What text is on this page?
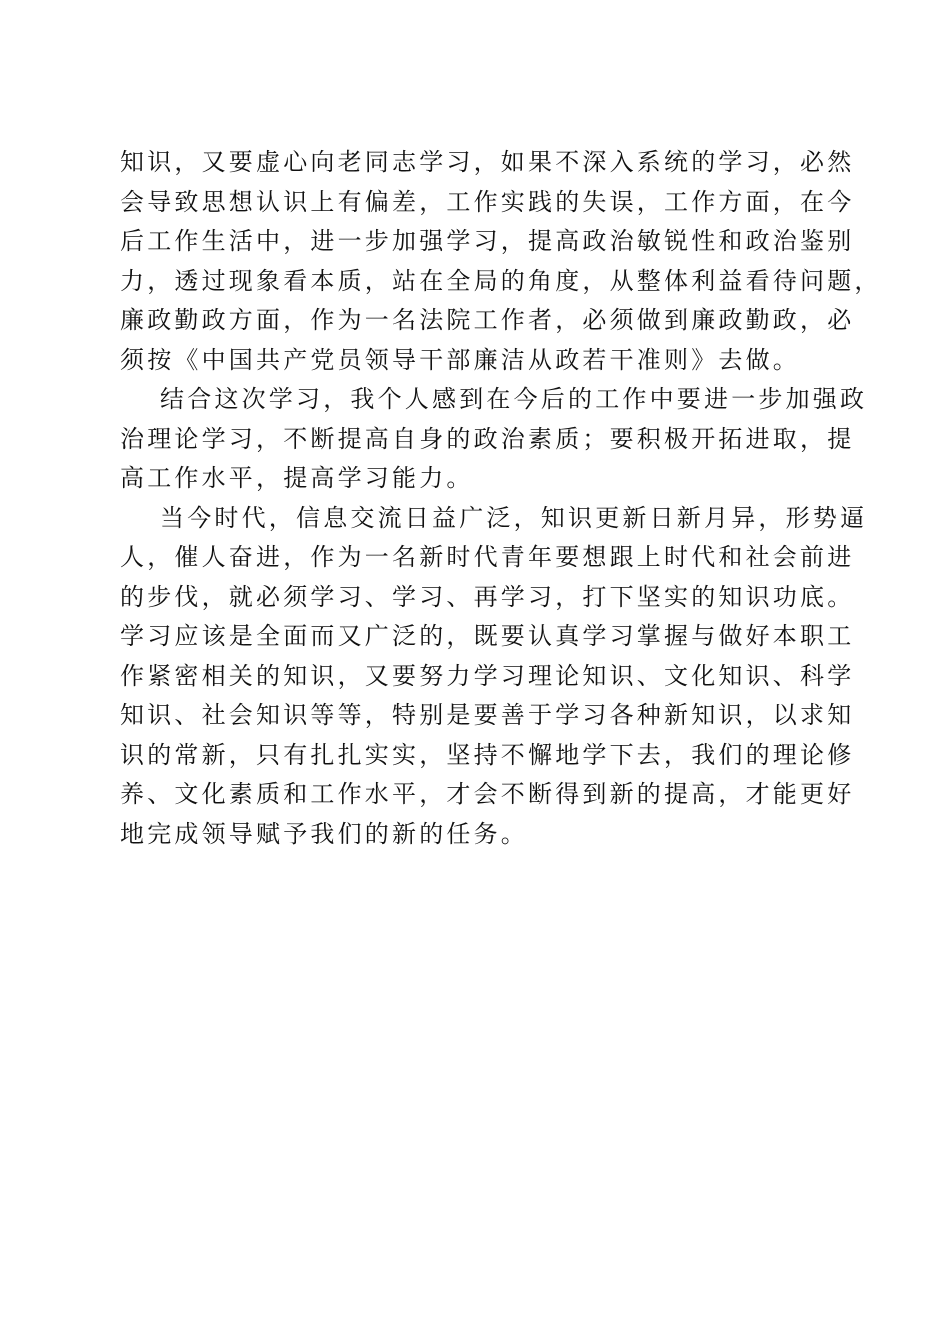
知识，又要虚心向老同志学习，如果不深入系统的学习，必然
会导致思想认识上有偏差，工作实践的失误，工作方面，在今
后工作生活中，进一步加强学习，提高政治敏锐性和政治鉴别
力，透过现象看本质，站在全局的角度，从整体利益看待问题，
廉政勤政方面，作为一名法院工作者，必须做到廉政勤政，必
须按《中国共产党员领导干部廉洁从政若干准则》去做。
结合这次学习，我个人感到在今后的工作中要进一步加强政
治理论学习，不断提高自身的政治素质；要积极开拓进取，提
高工作水平，提高学习能力。
当今时代，信息交流日益广泛，知识更新日新月异，形势逼
人，催人奋进，作为一名新时代青年要想跟上时代和社会前进
的步伐，就必须学习、学习、再学习，打下坚实的知识功底。
学习应该是全面而又广泛的，既要认真学习掌握与做好本职工
作紧密相关的知识，又要努力学习理论知识、文化知识、科学
知识、社会知识等等，特别是要善于学习各种新知识，以求知
识的常新，只有扎扎实实，坚持不懈地学下去，我们的理论修
养、文化素质和工作水平，才会不断得到新的提高，才能更好
地完成领导赋予我们的新的任务。
